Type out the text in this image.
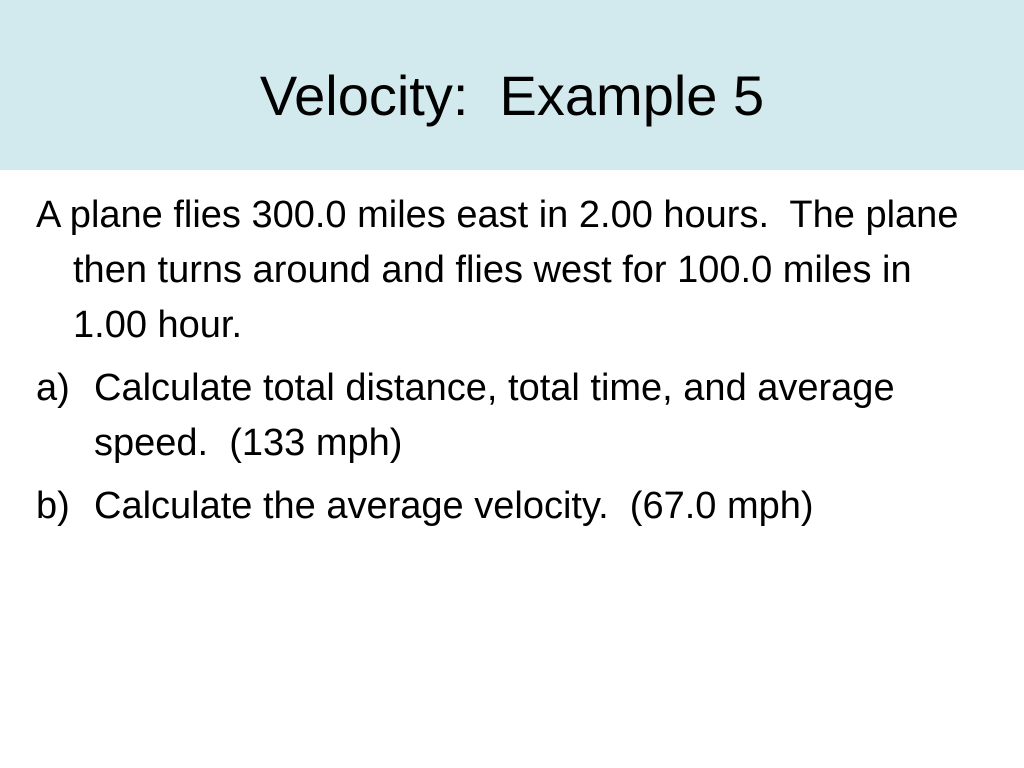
Velocity:  Example 5

A plane flies 300.0 miles east in 2.00 hours.  The plane then turns around and flies west for 100.0 miles in 1.00 hour.

a) Calculate total distance, total time, and average speed.  (133 mph)
b) Calculate the average velocity.  (67.0 mph)
